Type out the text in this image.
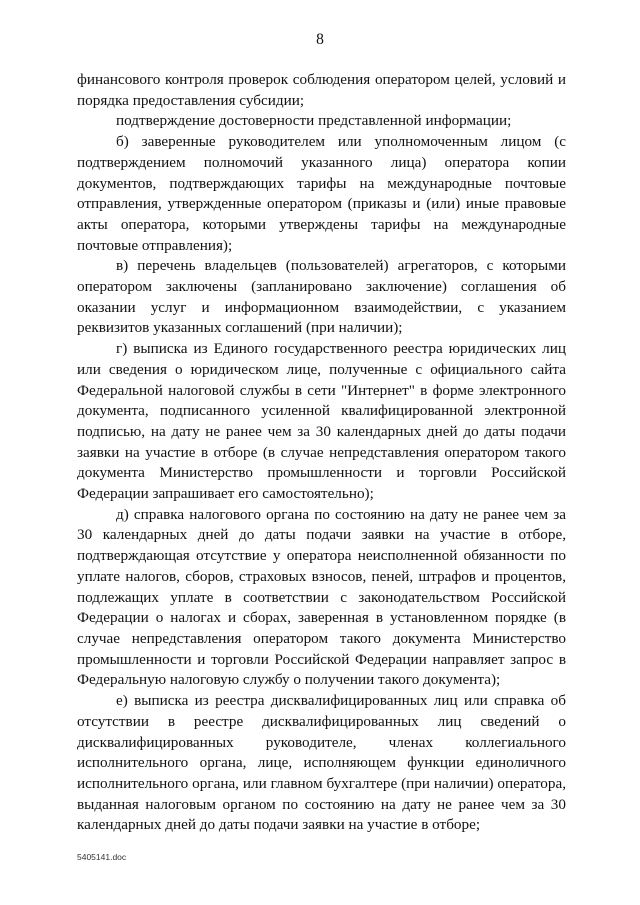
8

финансового контроля проверок соблюдения оператором целей, условий и порядка предоставления субсидии;

подтверждение достоверности представленной информации;

б) заверенные руководителем или уполномоченным лицом (с подтверждением полномочий указанного лица) оператора копии документов, подтверждающих тарифы на международные почтовые отправления, утвержденные оператором (приказы и (или) иные правовые акты оператора, которыми утверждены тарифы на международные почтовые отправления);

в) перечень владельцев (пользователей) агрегаторов, с которыми оператором заключены (запланировано заключение) соглашения об оказании услуг и информационном взаимодействии, с указанием реквизитов указанных соглашений (при наличии);

г) выписка из Единого государственного реестра юридических лиц или сведения о юридическом лице, полученные с официального сайта Федеральной налоговой службы в сети "Интернет" в форме электронного документа, подписанного усиленной квалифицированной электронной подписью, на дату не ранее чем за 30 календарных дней до даты подачи заявки на участие в отборе (в случае непредставления оператором такого документа Министерство промышленности и торговли Российской Федерации запрашивает его самостоятельно);

д) справка налогового органа по состоянию на дату не ранее чем за 30 календарных дней до даты подачи заявки на участие в отборе, подтверждающая отсутствие у оператора неисполненной обязанности по уплате налогов, сборов, страховых взносов, пеней, штрафов и процентов, подлежащих уплате в соответствии с законодательством Российской Федерации о налогах и сборах, заверенная в установленном порядке (в случае непредставления оператором такого документа Министерство промышленности и торговли Российской Федерации направляет запрос в Федеральную налоговую службу о получении такого документа);

е) выписка из реестра дисквалифицированных лиц или справка об отсутствии в реестре дисквалифицированных лиц сведений о дисквалифицированных руководителе, членах коллегиального исполнительного органа, лице, исполняющем функции единоличного исполнительного органа, или главном бухгалтере (при наличии) оператора, выданная налоговым органом по состоянию на дату не ранее чем за 30 календарных дней до даты подачи заявки на участие в отборе;

5405141.doc
